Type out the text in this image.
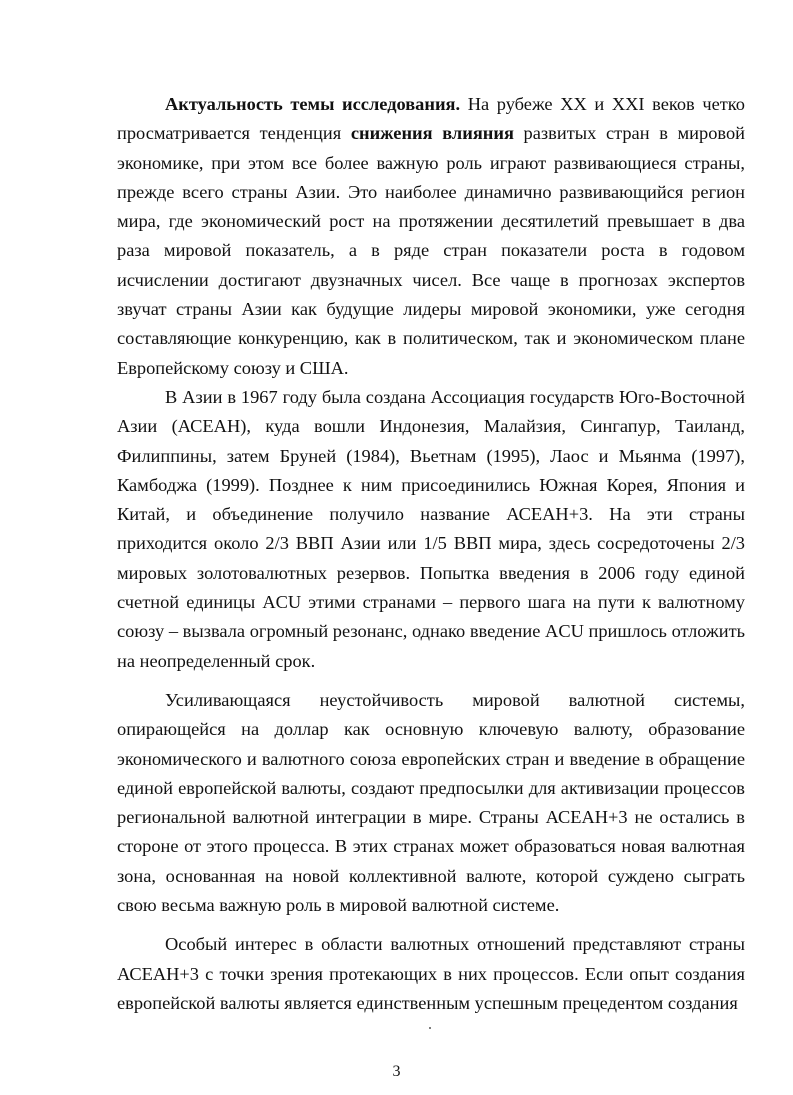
Актуальность темы исследования. На рубеже XX и XXI веков четко просматривается тенденция снижения влияния развитых стран в мировой экономике, при этом все более важную роль играют развивающиеся страны, прежде всего страны Азии. Это наиболее динамично развивающийся регион мира, где экономический рост на протяжении десятилетий превышает в два раза мировой показатель, а в ряде стран показатели роста в годовом исчислении достигают двузначных чисел. Все чаще в прогнозах экспертов звучат страны Азии как будущие лидеры мировой экономики, уже сегодня составляющие конкуренцию, как в политическом, так и экономическом плане Европейскому союзу и США.

В Азии в 1967 году была создана Ассоциация государств Юго-Восточной Азии (АСЕАН), куда вошли Индонезия, Малайзия, Сингапур, Таиланд, Филиппины, затем Бруней (1984), Вьетнам (1995), Лаос и Мьянма (1997), Камбоджа (1999). Позднее к ним присоединились Южная Корея, Япония и Китай, и объединение получило название АСЕАН+3. На эти страны приходится около 2/3 ВВП Азии или 1/5 ВВП мира, здесь сосредоточены 2/3 мировых золотовалютных резервов. Попытка введения в 2006 году единой счетной единицы ACU этими странами – первого шага на пути к валютному союзу – вызвала огромный резонанс, однако введение ACU пришлось отложить на неопределенный срок.

Усиливающаяся неустойчивость мировой валютной системы, опирающейся на доллар как основную ключевую валюту, образование экономического и валютного союза европейских стран и введение в обращение единой европейской валюты, создают предпосылки для активизации процессов региональной валютной интеграции в мире. Страны АСЕАН+3 не остались в стороне от этого процесса. В этих странах может образоваться новая валютная зона, основанная на новой коллективной валюте, которой суждено сыграть свою весьма важную роль в мировой валютной системе.

Особый интерес в области валютных отношений представляют страны АСЕАН+3 с точки зрения протекающих в них процессов. Если опыт создания европейской валюты является единственным успешным прецедентом создания

3
